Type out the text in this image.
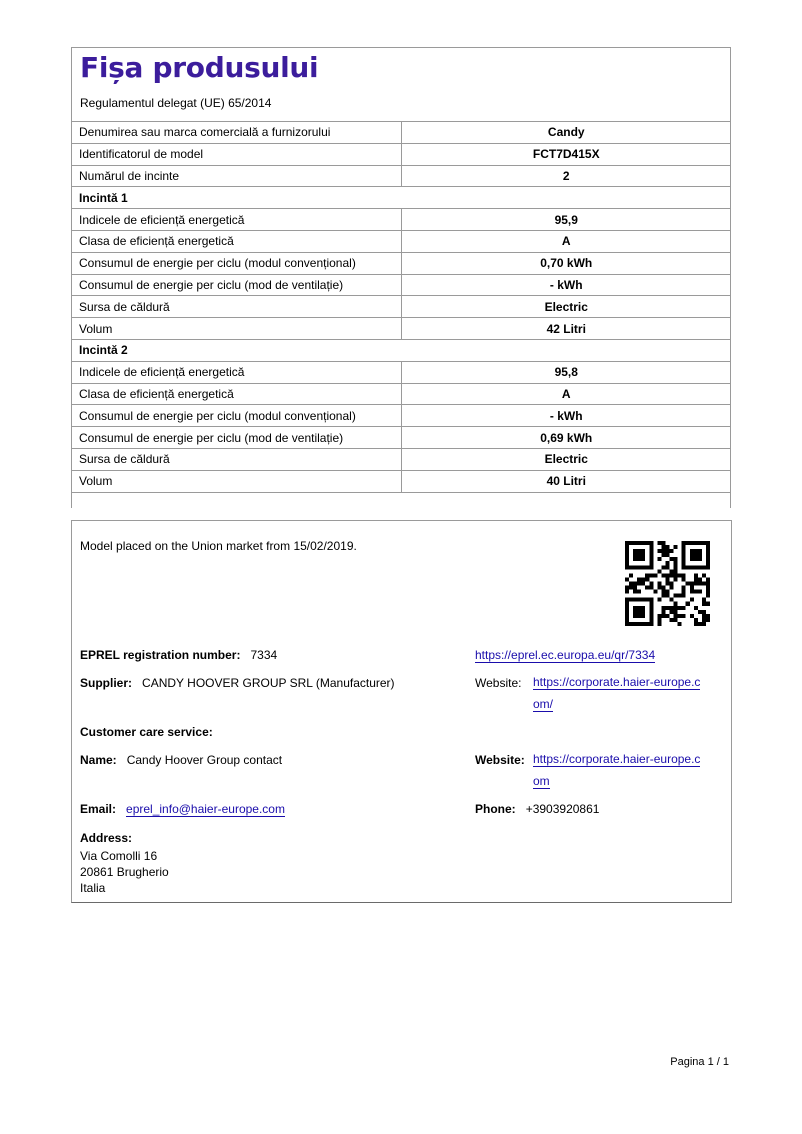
Fișa produsului
Regulamentul delegat (UE) 65/2014
Denumirea sau marca comercială a furnizorului	Candy
Identificatorul de model	FCT7D415X
Numărul de incinte	2
Incintă 1	
Indicele de eficiență energetică	95,9
Clasa de eficiență energetică	A
Consumul de energie per ciclu (modul convențional)	0,70 kWh
Consumul de energie per ciclu (mod de ventilație)	- kWh
Sursa de căldură	Electric
Volum	42 Litri
Incintă 2	
Indicele de eficiență energetică	95,8
Clasa de eficiență energetică	A
Consumul de energie per ciclu (modul convențional)	- kWh
Consumul de energie per ciclu (mod de ventilație)	0,69 kWh
Sursa de căldură	Electric
Volum	40 Litri
Model placed on the Union market from 15/02/2019.
EPREL registration number: 7334	https://eprel.ec.europa.eu/qr/7334
Supplier: CANDY HOOVER GROUP SRL (Manufacturer)	Website: https://corporate.haier-europe.c
om/
Customer care service:
Name: Candy Hoover Group contact	Website: https://corporate.haier-europe.c
om
Email: eprel_info@haier-europe.com	Phone: +3903920861
Address:
Via Comolli 16
20861 Brugherio
Italia
Pagina 1 / 1
